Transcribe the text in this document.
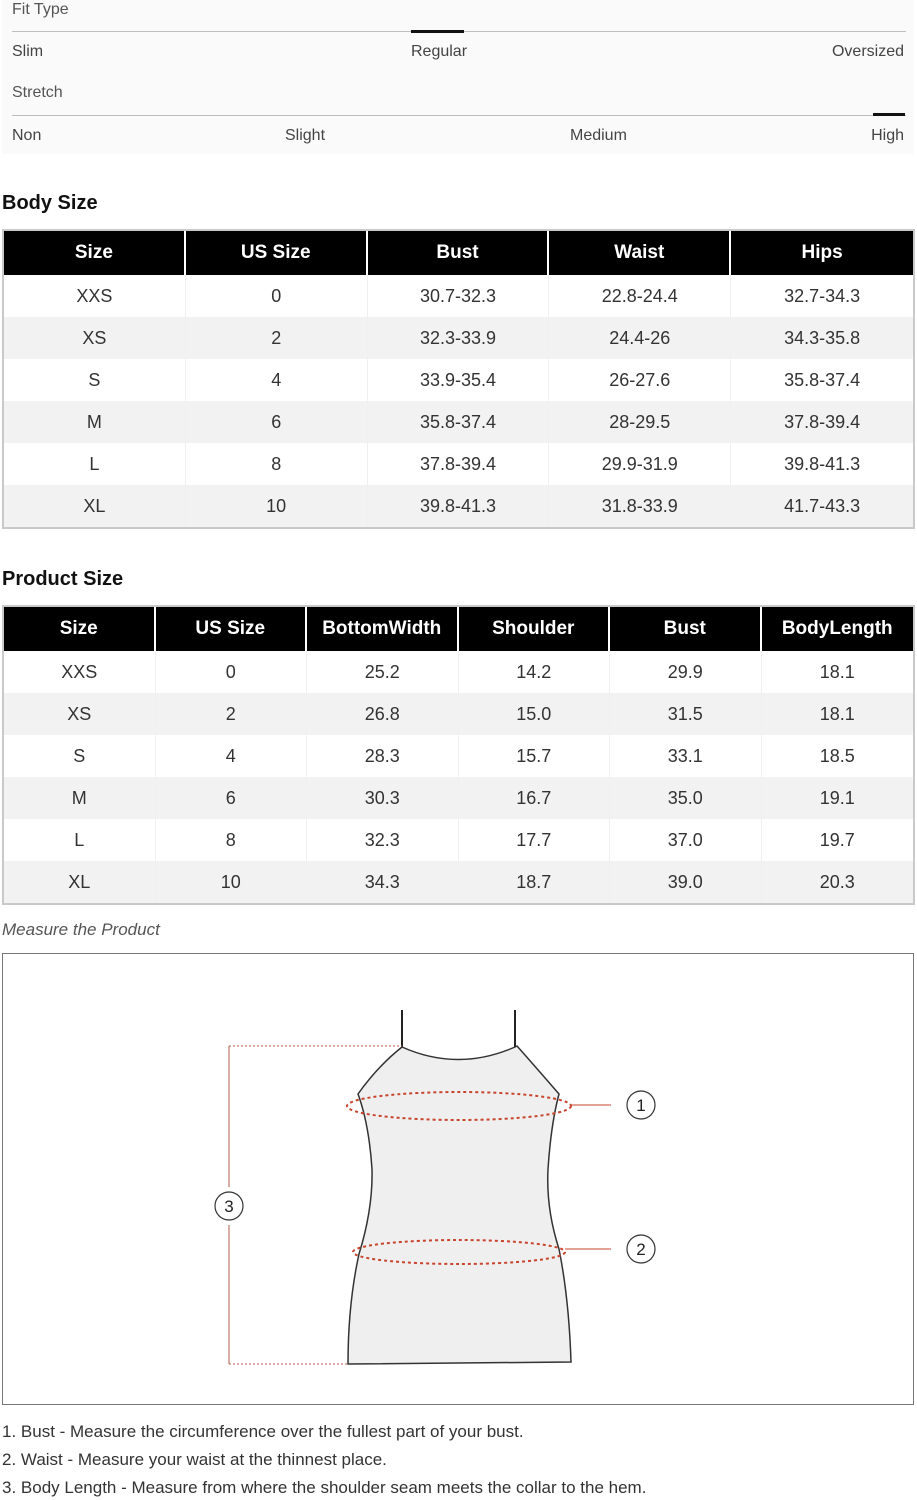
Fit Type
Slim	Regular	Oversized
Stretch
Non	Slight	Medium	High
Body Size
Size	US Size	Bust	Waist	Hips
XXS	0	30.7-32.3	22.8-24.4	32.7-34.3
XS	2	32.3-33.9	24.4-26	34.3-35.8
S	4	33.9-35.4	26-27.6	35.8-37.4
M	6	35.8-37.4	28-29.5	37.8-39.4
L	8	37.8-39.4	29.9-31.9	39.8-41.3
XL	10	39.8-41.3	31.8-33.9	41.7-43.3
Product Size
Size	US Size	BottomWidth	Shoulder	Bust	BodyLength
XXS	0	25.2	14.2	29.9	18.1
XS	2	26.8	15.0	31.5	18.1
S	4	28.3	15.7	33.1	18.5
M	6	30.3	16.7	35.0	19.1
L	8	32.3	17.7	37.0	19.7
XL	10	34.3	18.7	39.0	20.3
Measure the Product
1
2
3
1. Bust - Measure the circumference over the fullest part of your bust.
2. Waist - Measure your waist at the thinnest place.
3. Body Length - Measure from where the shoulder seam meets the collar to the hem.
